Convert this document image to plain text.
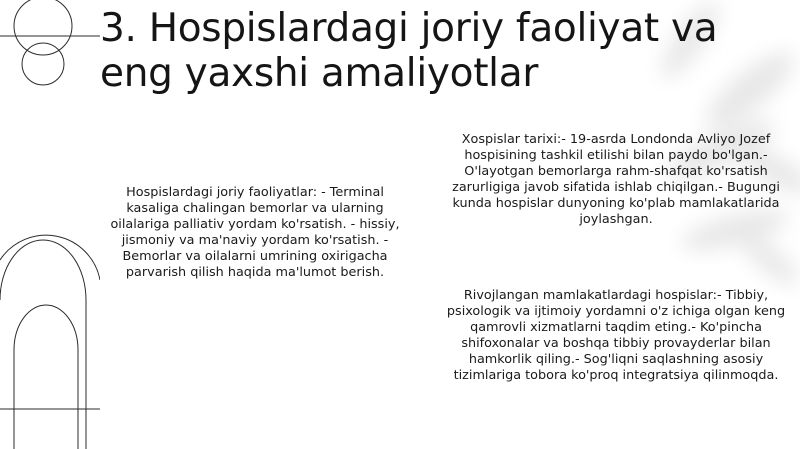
3. Hospislardagi joriy faoliyat va eng yaxshi amaliyotlar

Hospislardagi joriy faoliyatlar: - Terminal kasaliga chalingan bemorlar va ularning oilalariga palliativ yordam ko'rsatish. - hissiy, jismoniy va ma'naviy yordam ko'rsatish. - Bemorlar va oilalarni umrining oxirigacha parvarish qilish haqida ma'lumot berish.

Xospislar tarixi:- 19-asrda Londonda Avliyo Jozef hospisining tashkil etilishi bilan paydo bo'lgan.- O'layotgan bemorlarga rahm-shafqat ko'rsatish zarurligiga javob sifatida ishlab chiqilgan.- Bugungi kunda hospislar dunyoning ko'plab mamlakatlarida joylashgan.

Rivojlangan mamlakatlardagi hospislar:- Tibbiy, psixologik va ijtimoiy yordamni o'z ichiga olgan keng qamrovli xizmatlarni taqdim eting.- Ko'pincha shifoxonalar va boshqa tibbiy provayderlar bilan hamkorlik qiling.- Sog'liqni saqlashning asosiy tizimlariga tobora ko'proq integratsiya qilinmoqda.
